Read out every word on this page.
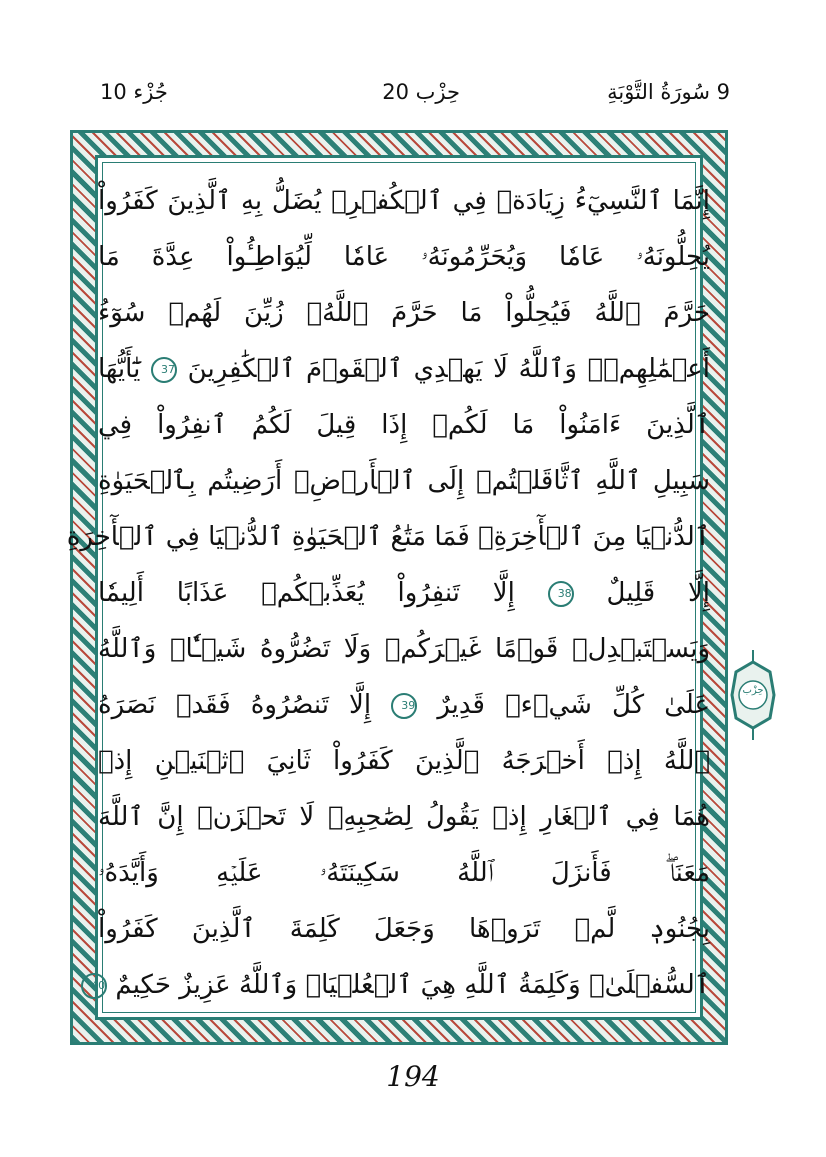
9 سُورَةُ التَّوْبَةِ
حِزْب 20
جُزْء 10
إِنَّمَا ٱلنَّسِيٓءُ زِيَادَةٞ فِي ٱلۡكُفۡرِۖ يُضَلُّ بِهِ ٱلَّذِينَ كَفَرُواْ
يُحِلُّونَهُۥ عَامٗا وَيُحَرِّمُونَهُۥ عَامٗا لِّيُوَاطِـُٔواْ عِدَّةَ مَا
حَرَّمَ ٱللَّهُ فَيُحِلُّواْ مَا حَرَّمَ ٱللَّهُۚ زُيِّنَ لَهُمۡ سُوٓءُ
أَعۡمَٰلِهِمۡۗ وَٱللَّهُ لَا يَهۡدِي ٱلۡقَوۡمَ ٱلۡكَٰفِرِينَ 37 يَٰٓأَيُّهَا
ٱلَّذِينَ ءَامَنُواْ مَا لَكُمۡ إِذَا قِيلَ لَكُمُ ٱنفِرُواْ فِي
سَبِيلِ ٱللَّهِ ٱثَّاقَلۡتُمۡ إِلَى ٱلۡأَرۡضِۚ أَرَضِيتُم بِٱلۡحَيَوٰةِ
ٱلدُّنۡيَا مِنَ ٱلۡأٓخِرَةِۚ فَمَا مَتَٰعُ ٱلۡحَيَوٰةِ ٱلدُّنۡيَا فِي ٱلۡأٓخِرَةِ
إِلَّا قَلِيلٌ 38 إِلَّا تَنفِرُواْ يُعَذِّبۡكُمۡ عَذَابًا أَلِيمٗا
وَيَسۡتَبۡدِلۡ قَوۡمًا غَيۡرَكُمۡ وَلَا تَضُرُّوهُ شَيۡـٔٗاۗ وَٱللَّهُ
عَلَىٰ كُلِّ شَيۡءٖ قَدِيرٌ 39 إِلَّا تَنصُرُوهُ فَقَدۡ نَصَرَهُ
ٱللَّهُ إِذۡ أَخۡرَجَهُ ٱلَّذِينَ كَفَرُواْ ثَانِيَ ٱثۡنَيۡنِ إِذۡ
هُمَا فِي ٱلۡغَارِ إِذۡ يَقُولُ لِصَٰحِبِهِۦ لَا تَحۡزَنۡ إِنَّ ٱللَّهَ
مَعَنَاۖ فَأَنزَلَ ٱللَّهُ سَكِينَتَهُۥ عَلَيۡهِ وَأَيَّدَهُۥ
بِجُنُودٖ لَّمۡ تَرَوۡهَا وَجَعَلَ كَلِمَةَ ٱلَّذِينَ كَفَرُواْ
ٱلسُّفۡلَىٰۗ وَكَلِمَةُ ٱللَّهِ هِيَ ٱلۡعُلۡيَاۗ وَٱللَّهُ عَزِيزٌ حَكِيمٌ 40
حِزْب
194
